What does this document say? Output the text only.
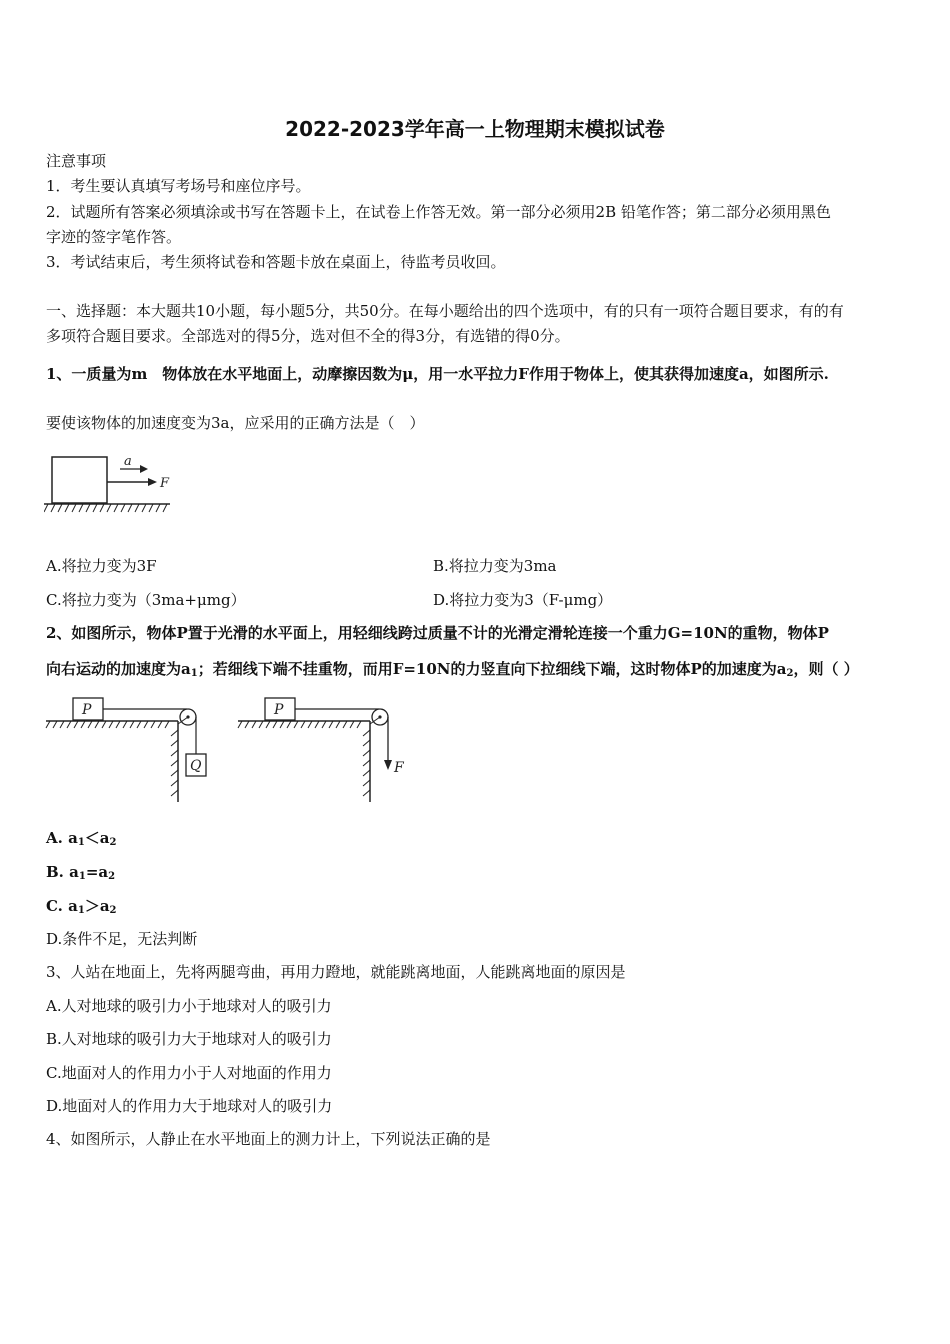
2022-2023学年高一上物理期末模拟试卷
注意事项
1．考生要认真填写考场号和座位序号。
2．试题所有答案必须填涂或书写在答题卡上，在试卷上作答无效。第一部分必须用2B 铅笔作答；第二部分必须用黑色
字迹的签字笔作答。
3．考试结束后，考生须将试卷和答题卡放在桌面上，待监考员收回。
一、选择题：本大题共10小题，每小题5分，共50分。在每小题给出的四个选项中，有的只有一项符合题目要求，有的有
多项符合题目要求。全部选对的得5分，选对但不全的得3分，有选错的得0分。
1、一质量为m　物体放在水平地面上，动摩擦因数为μ，用一水平拉力F作用于物体上，使其获得加速度a，如图所示.
要使该物体的加速度变为3a，应采用的正确方法是（　）
a
F
A.将拉力变为3F	B.将拉力变为3ma
C.将拉力变为（3ma+μmg）	D.将拉力变为3（F-μmg）
2、如图所示，物体P置于光滑的水平面上，用轻细线跨过质量不计的光滑定滑轮连接一个重力G=10N的重物，物体P
向右运动的加速度为$a_1$；若细线下端不挂重物，而用F=10N的力竖直向下拉细线下端，这时物体P的加速度为$a_2$，则（ ）
P
Q
P
F
A. $a_1<a_2$
B. $a_1=a_2$
C. $a_1>a_2$
D.条件不足，无法判断
3、人站在地面上，先将两腿弯曲，再用力蹬地，就能跳离地面，人能跳离地面的原因是
A.人对地球的吸引力小于地球对人的吸引力
B.人对地球的吸引力大于地球对人的吸引力
C.地面对人的作用力小于人对地面的作用力
D.地面对人的作用力大于地球对人的吸引力
4、如图所示，人静止在水平地面上的测力计上，下列说法正确的是
